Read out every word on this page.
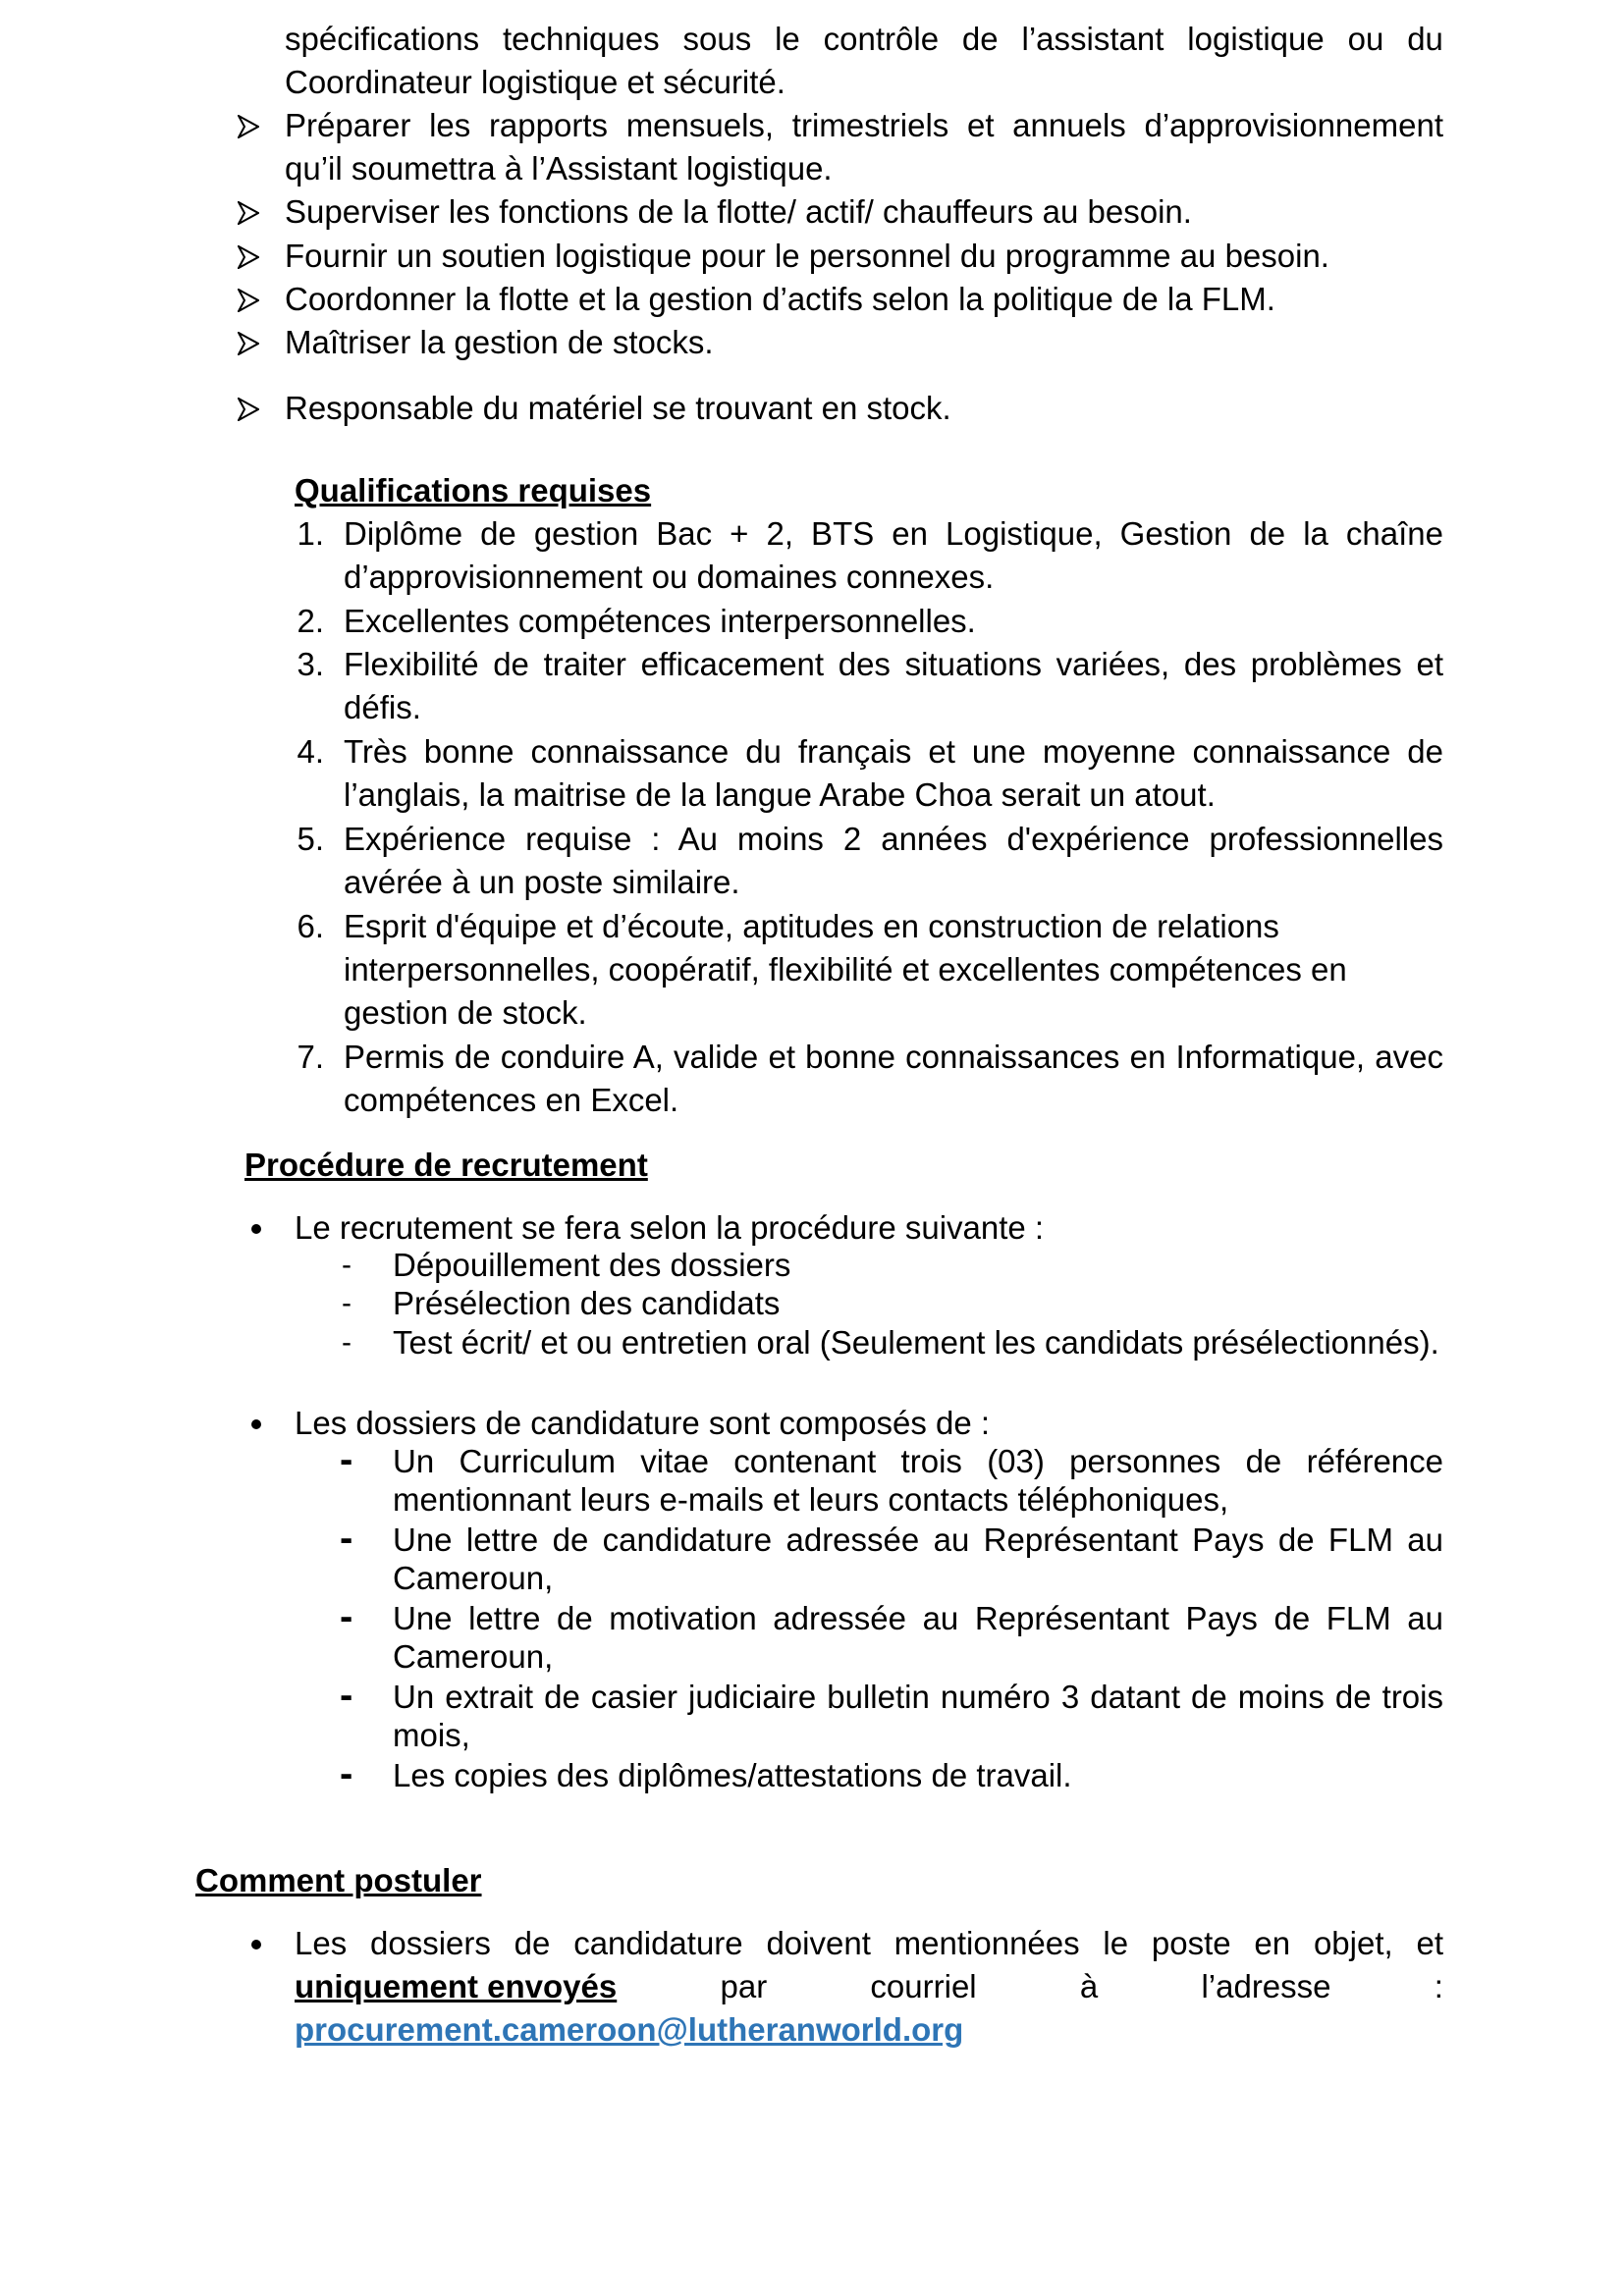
spécifications techniques sous le contrôle de l’assistant logistique ou du
Coordinateur logistique et sécurité.
Préparer les rapports mensuels, trimestriels et annuels d’approvisionnement
qu’il soumettra à l’Assistant logistique.
Superviser les fonctions de la flotte/ actif/ chauffeurs au besoin.
Fournir un soutien logistique pour le personnel du programme au besoin.
Coordonner la flotte et la gestion d’actifs selon la politique de la FLM.
Maîtriser la gestion de stocks.
Responsable du matériel se trouvant en stock.
Qualifications requises
1. Diplôme de gestion Bac + 2, BTS en Logistique, Gestion de la chaîne
d’approvisionnement ou domaines connexes.
2. Excellentes compétences interpersonnelles.
3. Flexibilité de traiter efficacement des situations variées, des problèmes et
défis.
4. Très bonne connaissance du français et une moyenne connaissance de
l’anglais, la maitrise de la langue Arabe Choa serait un atout.
5. Expérience requise : Au moins 2 années d'expérience professionnelles
avérée à un poste similaire.
6. Esprit d'équipe et d’écoute, aptitudes en construction de relations
interpersonnelles, coopératif, flexibilité et excellentes compétences en
gestion de stock.
7. Permis de conduire A, valide et bonne connaissances en Informatique, avec
compétences en Excel.
Procédure de recrutement
Le recrutement se fera selon la procédure suivante :
- Dépouillement des dossiers
- Présélection des candidats
- Test écrit/ et ou entretien oral (Seulement les candidats présélectionnés).
Les dossiers de candidature sont composés de :
- Un Curriculum vitae contenant trois (03) personnes de référence
mentionnant leurs e-mails et leurs contacts téléphoniques,
- Une lettre de candidature adressée au Représentant Pays de FLM au
Cameroun,
- Une lettre de motivation adressée au Représentant Pays de FLM au
Cameroun,
- Un extrait de casier judiciaire bulletin numéro 3 datant de moins de trois
mois,
- Les copies des diplômes/attestations de travail.
Comment postuler
Les dossiers de candidature doivent mentionnées le poste en objet, et
uniquement envoyés	par	courriel	à	l’adresse	:
procurement.cameroon@lutheranworld.org
